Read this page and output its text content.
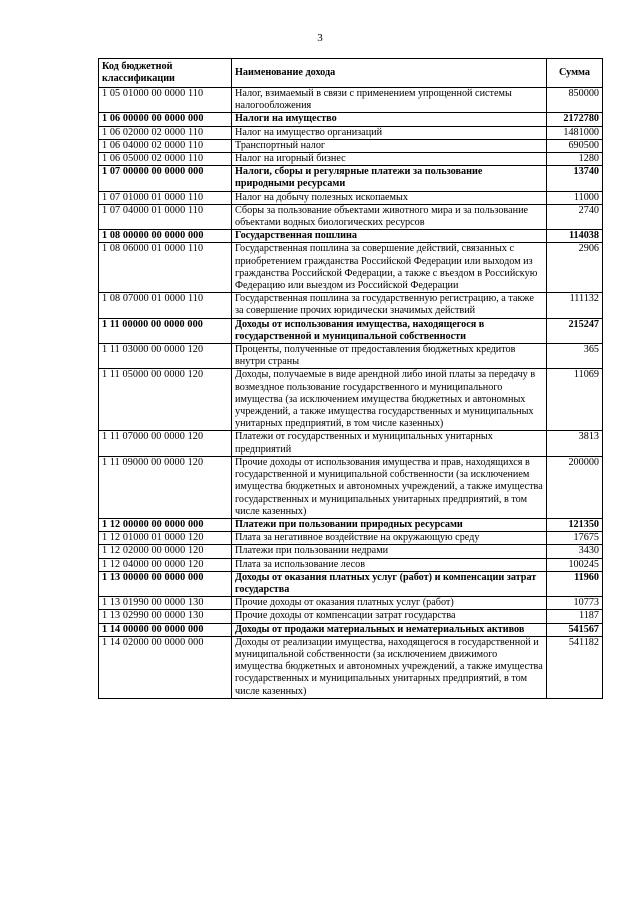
3
Код бюджетной классификации	Наименование дохода	Сумма
1 05 01000 00 0000 110	Налог, взимаемый в связи с применением упрощенной системы налогообложения	850000
1 06 00000 00 0000 000	Налоги на имущество	2172780
1 06 02000 02 0000 110	Налог на имущество организаций	1481000
1 06 04000 02 0000 110	Транспортный налог	690500
1 06 05000 02 0000 110	Налог на игорный бизнес	1280
1 07 00000 00 0000 000	Налоги, сборы и регулярные платежи за пользование природными ресурсами	13740
1 07 01000 01 0000 110	Налог на добычу полезных ископаемых	11000
1 07 04000 01 0000 110	Сборы за пользование объектами животного мира и за пользование объектами водных биологических ресурсов	2740
1 08 00000 00 0000 000	Государственная пошлина	114038
1 08 06000 01 0000 110	Государственная пошлина за совершение действий, связанных с приобретением гражданства Российской Федерации или выходом из гражданства Российской Федерации, а также с въездом в Российскую Федерацию или выездом из Российской Федерации	2906
1 08 07000 01 0000 110	Государственная пошлина за государственную регистрацию, а также за совершение прочих юридически значимых действий	111132
1 11 00000 00 0000 000	Доходы от использования имущества, находящегося в государственной и муниципальной собственности	215247
1 11 03000 00 0000 120	Проценты, полученные от предоставления бюджетных кредитов внутри страны	365
1 11 05000 00 0000 120	Доходы, получаемые в виде арендной либо иной платы за передачу в возмездное пользование государственного и муниципального имущества (за исключением имущества бюджетных и автономных учреждений, а также имущества государственных и муниципальных унитарных предприятий, в том числе казенных)	11069
1 11 07000 00 0000 120	Платежи от государственных и муниципальных унитарных предприятий	3813
1 11 09000 00 0000 120	Прочие доходы от использования имущества и прав, находящихся в государственной и муниципальной собственности (за исключением имущества бюджетных и автономных учреждений, а также имущества государственных и муниципальных унитарных предприятий, в том числе казенных)	200000
1 12 00000 00 0000 000	Платежи при пользовании природных ресурсами	121350
1 12 01000 01 0000 120	Плата за негативное воздействие на окружающую среду	17675
1 12 02000 00 0000 120	Платежи при пользовании недрами	3430
1 12 04000 00 0000 120	Плата за использование лесов	100245
1 13 00000 00 0000 000	Доходы от оказания платных услуг (работ) и компенсации затрат государства	11960
1 13 01990 00 0000 130	Прочие доходы от оказания платных услуг (работ)	10773
1 13 02990 00 0000 130	Прочие доходы от компенсации затрат государства	1187
1 14 00000 00 0000 000	Доходы от продажи материальных и нематериальных активов	541567
1 14 02000 00 0000 000	Доходы от реализации имущества, находящегося в государственной и муниципальной собственности (за исключением движимого имущества бюджетных и автономных учреждений, а также имущества государственных и муниципальных унитарных предприятий, в том числе казенных)	541182
